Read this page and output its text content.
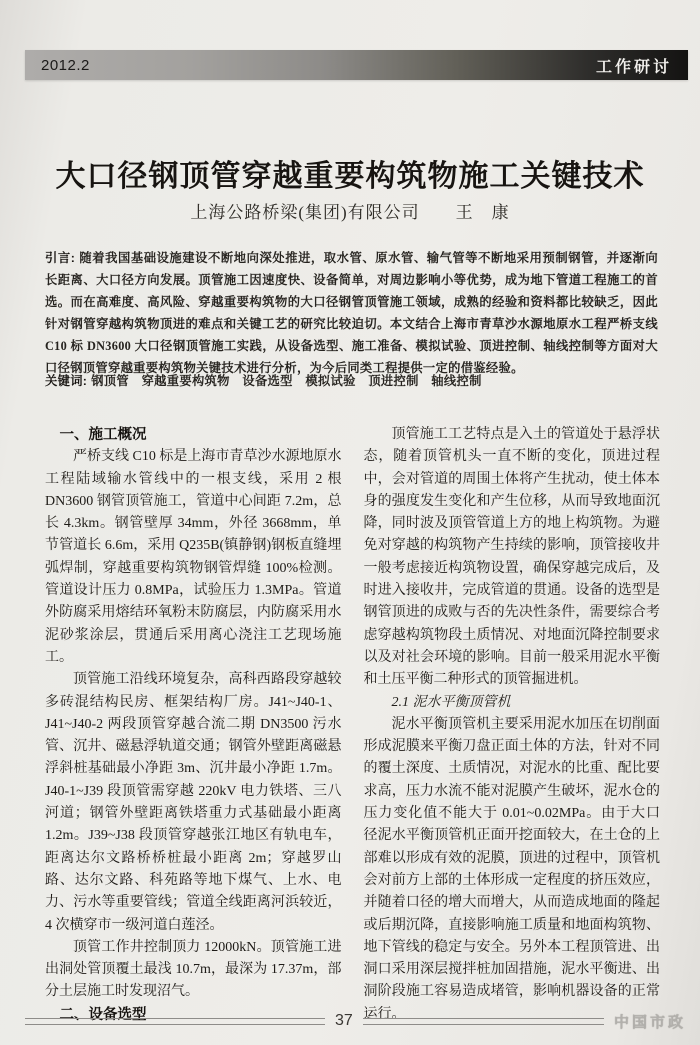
2012.2	工作研讨
大口径钢顶管穿越重要构筑物施工关键技术
上海公路桥梁(集团)有限公司　　王　康
引言: 随着我国基础设施建设不断地向深处推进，取水管、原水管、输气管等不断地采用预制钢管，并逐渐向长距离、大口径方向发展。顶管施工因速度快、设备简单，对周边影响小等优势，成为地下管道工程施工的首选。而在高难度、高风险、穿越重要构筑物的大口径钢管顶管施工领域，成熟的经验和资料都比较缺乏，因此针对钢管穿越构筑物顶进的难点和关键工艺的研究比较迫切。本文结合上海市青草沙水源地原水工程严桥支线 C10 标 DN3600 大口径钢顶管施工实践，从设备选型、施工准备、模拟试验、顶进控制、轴线控制等方面对大口径钢顶管穿越重要构筑物关键技术进行分析，为今后同类工程提供一定的借鉴经验。
关键词: 钢顶管　穿越重要构筑物　设备选型　模拟试验　顶进控制　轴线控制
一、施工概况

严桥支线 C10 标是上海市青草沙水源地原水工程陆域输水管线中的一根支线，采用 2 根 DN3600 钢管顶管施工，管道中心间距 7.2m，总长 4.3km。钢管壁厚 34mm，外径 3668mm，单节管道长 6.6m，采用 Q235B(镇静钢)钢板直缝埋弧焊制，穿越重要构筑物钢管焊缝 100%检测。管道设计压力 0.8MPa，试验压力 1.3MPa。管道外防腐采用熔结环氧粉末防腐层，内防腐采用水泥砂浆涂层，贯通后采用离心浇注工艺现场施工。

顶管施工沿线环境复杂，高科西路段穿越较多砖混结构民房、框架结构厂房。J41~J40-1、J41~J40-2 两段顶管穿越合流二期 DN3500 污水管、沉井、磁悬浮轨道交通；钢管外壁距离磁悬浮斜桩基础最小净距 3m、沉井最小净距 1.7m。J40-1~J39 段顶管需穿越 220kV 电力铁塔、三八河道；钢管外壁距离铁塔重力式基础最小距离 1.2m。J39~J38 段顶管穿越张江地区有轨电车，距离达尔文路桥桥桩最小距离 2m；穿越罗山路、达尔文路、科苑路等地下煤气、上水、电力、污水等重要管线；管道全线距离河浜较近，4 次横穿市一级河道白莲泾。

顶管工作井控制顶力 12000kN。顶管施工进出洞处管顶覆土最浅 10.7m，最深为 17.37m，部分土层施工时发现沼气。

二、设备选型

顶管施工工艺特点是入土的管道处于悬浮状态，随着顶管机头一直不断的变化，顶进过程中，会对管道的周围土体将产生扰动，使土体本身的强度发生变化和产生位移，从而导致地面沉降，同时波及顶管管道上方的地上构筑物。为避免对穿越的构筑物产生持续的影响，顶管接收井一般考虑接近构筑物设置，确保穿越完成后，及时进入接收井，完成管道的贯通。设备的选型是钢管顶进的成败与否的先决性条件，需要综合考虑穿越构筑物段土质情况、对地面沉降控制要求以及对社会环境的影响。目前一般采用泥水平衡和土压平衡二种形式的顶管掘进机。

2.1 泥水平衡顶管机

泥水平衡顶管机主要采用泥水加压在切削面形成泥膜来平衡刀盘正面土体的方法，针对不同的覆土深度、土质情况，对泥水的比重、配比要求高，压力水流不能对泥膜产生破坏，泥水仓的压力变化值不能大于 0.01~0.02MPa。由于大口径泥水平衡顶管机正面开挖面较大，在土仓的上部难以形成有效的泥膜，顶进的过程中，顶管机会对前方上部的土体形成一定程度的挤压效应，并随着口径的增大而增大，从而造成地面的隆起或后期沉降，直接影响施工质量和地面构筑物、地下管线的稳定与安全。另外本工程顶管进、出洞口采用深层搅拌桩加固措施，泥水平衡进、出洞阶段施工容易造成堵管，影响机器设备的正常运行。

37	中国市政
